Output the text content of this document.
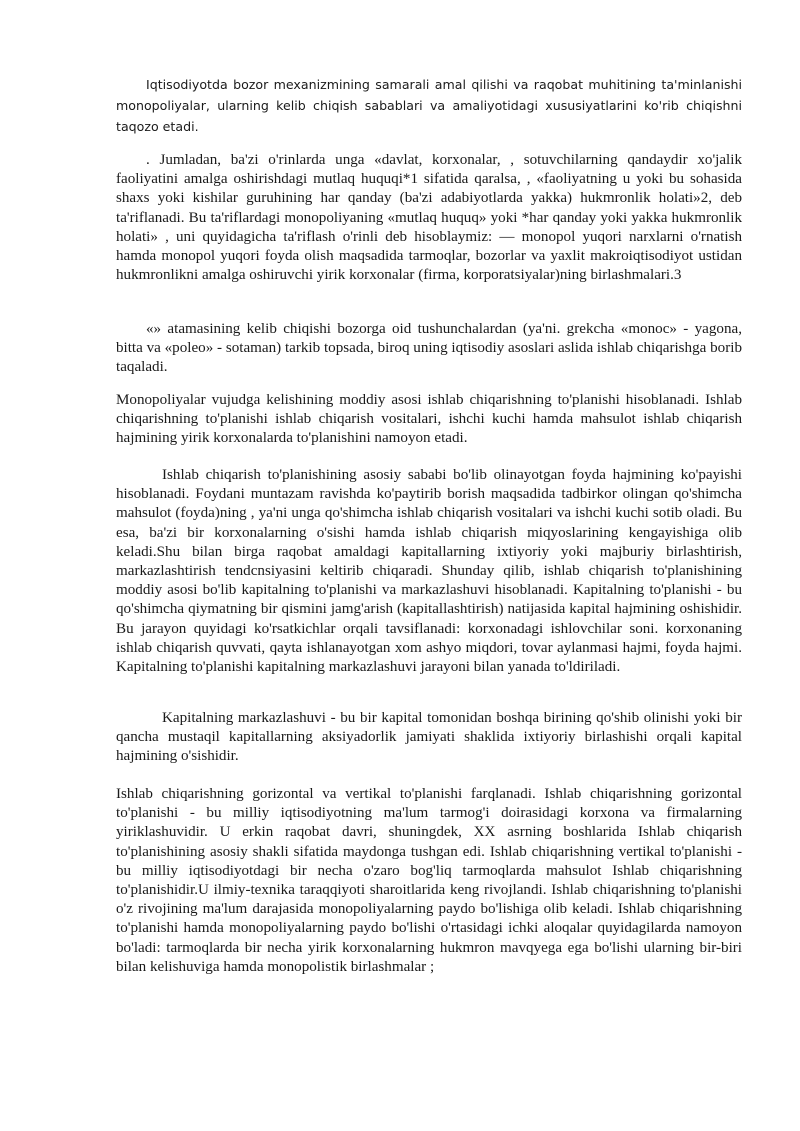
Iqtisodiyotda bozor mexanizmining samarali amal qilishi va raqobat muhitining ta'minlanishi monopoliyalar, ularning kelib chiqish sabablari va amaliyotidagi xususiyatlarini ko'rib chiqishni taqozo etadi.

. Jumladan, ba'zi o'rinlarda unga «davlat, korxonalar, , sotuvchilarning qandaydir xo'jalik faoliyatini amalga oshirishdagi mutlaq huquqi*1 sifatida qaralsa, , «faoliyatning u yoki bu sohasida shaxs yoki kishilar guruhining har qanday (ba'zi adabiyotlarda yakka) hukmronlik holati»2, deb ta'riflanadi. Bu ta'riflardagi monopoliyaning «mutlaq huquq» yoki *har qanday yoki yakka hukmronlik holati» , uni quyidagicha ta'riflash o'rinli deb hisoblaymiz: — monopol yuqori narxlarni o'rnatish hamda monopol yuqori foyda olish maqsadida tarmoqlar, bozorlar va yaxlit makroiqtisodiyot ustidan hukmronlikni amalga oshiruvchi yirik korxonalar (firma, korporatsiyalar)ning birlashmalari.3

«» atamasining kelib chiqishi bozorga oid tushunchalardan (ya'ni. grekcha «monoc» - yagona, bitta va «poleo» - sotaman) tarkib topsada, biroq uning iqtisodiy asoslari aslida ishlab chiqarishga borib taqaladi.

Monopoliyalar vujudga kelishining moddiy asosi ishlab chiqarishning to'planishi hisoblanadi. Ishlab chiqarishning to'planishi ishlab chiqarish vositalari, ishchi kuchi hamda mahsulot ishlab chiqarish hajmining yirik korxonalarda to'planishini namoyon etadi.

Ishlab chiqarish to'planishining asosiy sababi bo'lib olinayotgan foyda hajmining ko'payishi hisoblanadi. Foydani muntazam ravishda ko'paytirib borish maqsadida tadbirkor olingan qo'shimcha mahsulot (foyda)ning , ya'ni unga qo'shimcha ishlab chiqarish vositalari va ishchi kuchi sotib oladi. Bu esa, ba'zi bir korxonalarning o'sishi hamda ishlab chiqarish miqyoslarining kengayishiga olib keladi.Shu bilan birga raqobat amaldagi kapitallarning ixtiyoriy yoki majburiy birlashtirish, markazlashtirish tendcnsiyasini keltirib chiqaradi. Shunday qilib, ishlab chiqarish to'planishining moddiy asosi bo'lib kapitalning to'planishi va markazlashuvi hisoblanadi. Kapitalning to'planishi - bu qo'shimcha qiymatning bir qismini jamg'arish (kapitallashtirish) natijasida kapital hajmining oshishidir. Bu jarayon quyidagi ko'rsatkichlar orqali tavsiflanadi: korxonadagi ishlovchilar soni. korxonaning ishlab chiqarish quvvati, qayta ishlanayotgan xom ashyo miqdori, tovar aylanmasi hajmi, foyda hajmi. Kapitalning to'planishi kapitalning markazlashuvi jarayoni bilan yanada to'ldiriladi.

Kapitalning markazlashuvi - bu bir kapital tomonidan boshqa birining qo'shib olinishi yoki bir qancha mustaqil kapitallarning aksiyadorlik jamiyati shaklida ixtiyoriy birlashishi orqali kapital hajmining o'sishidir.

Ishlab chiqarishning gorizontal va vertikal to'planishi farqlanadi. Ishlab chiqarishning gorizontal to'planishi - bu milliy iqtisodiyotning ma'lum tarmog'i doirasidagi korxona va firmalarning yiriklashuvidir. U erkin raqobat davri, shuningdek, XX asrning boshlarida Ishlab chiqarish to'planishining asosiy shakli sifatida maydonga tushgan edi. Ishlab chiqarishning vertikal to'planishi - bu milliy iqtisodiyotdagi bir necha o'zaro bog'liq tarmoqlarda mahsulot Ishlab chiqarishning to'planishidir.U ilmiy-texnika taraqqiyoti sharoitlarida keng rivojlandi. Ishlab chiqarishning to'planishi o'z rivojining ma'lum darajasida monopoliyalarning paydo bo'lishiga olib keladi. Ishlab chiqarishning to'planishi hamda monopoliyalarning paydo bo'lishi o'rtasidagi ichki aloqalar quyidagilarda namoyon bo'ladi: tarmoqlarda bir necha yirik korxonalarning hukmron mavqyega ega bo'lishi ularning bir-biri bilan kelishuviga hamda monopolistik birlashmalar ;
